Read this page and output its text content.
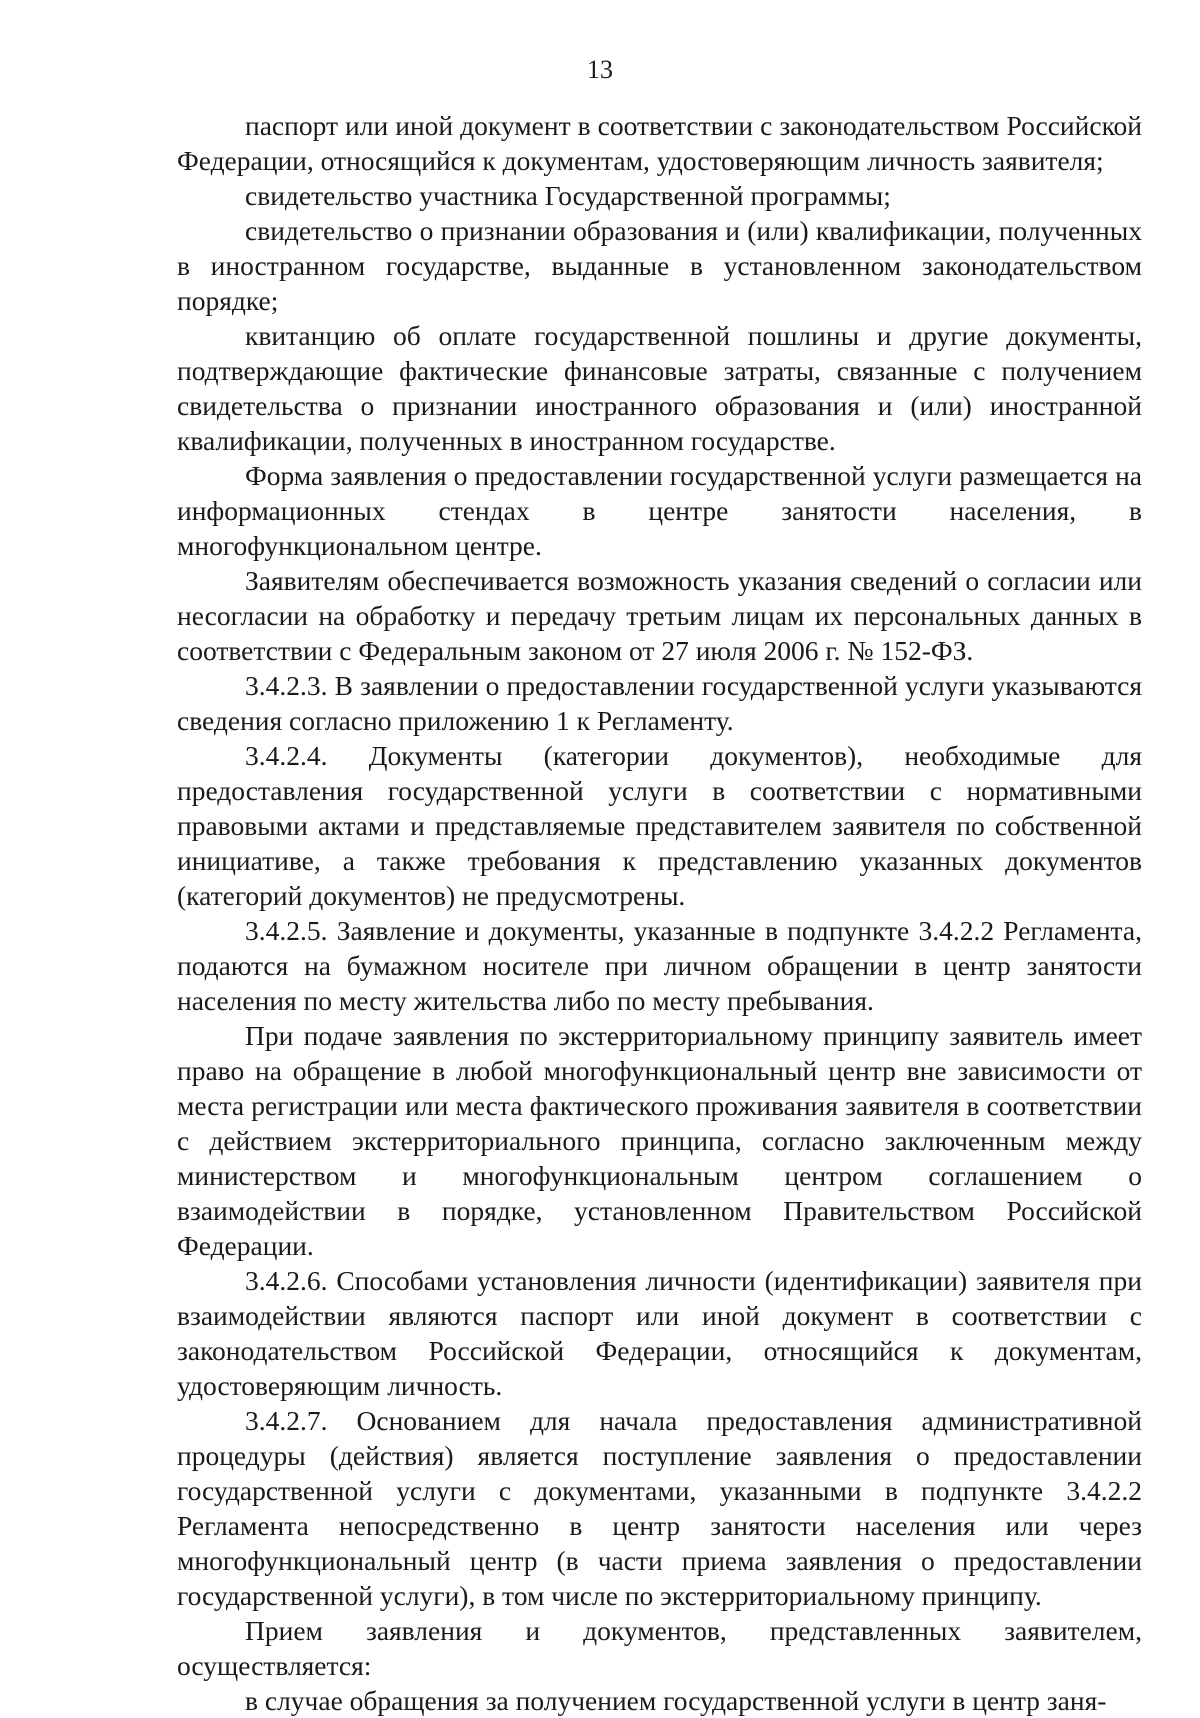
13

паспорт или иной документ в соответствии с законодательством Российской Федерации, относящийся к документам, удостоверяющим личность заявителя;

свидетельство участника Государственной программы;

свидетельство о признании образования и (или) квалификации, полученных в иностранном государстве, выданные в установленном законодательством порядке;

квитанцию об оплате государственной пошлины и другие документы, подтверждающие фактические финансовые затраты, связанные с получением свидетельства о признании иностранного образования и (или) иностранной квалификации, полученных в иностранном государстве.

Форма заявления о предоставлении государственной услуги размещается на информационных стендах в центре занятости населения, в многофункциональном центре.

Заявителям обеспечивается возможность указания сведений о согласии или несогласии на обработку и передачу третьим лицам их персональных данных в соответствии с Федеральным законом от 27 июля 2006 г. № 152-ФЗ.

3.4.2.3. В заявлении о предоставлении государственной услуги указываются сведения согласно приложению 1 к Регламенту.

3.4.2.4. Документы (категории документов), необходимые для предоставления государственной услуги в соответствии с нормативными правовыми актами и представляемые представителем заявителя по собственной инициативе, а также требования к представлению указанных документов (категорий документов) не предусмотрены.

3.4.2.5. Заявление и документы, указанные в подпункте 3.4.2.2 Регламента, подаются на бумажном носителе при личном обращении в центр занятости населения по месту жительства либо по месту пребывания.

При подаче заявления по экстерриториальному принципу заявитель имеет право на обращение в любой многофункциональный центр вне зависимости от места регистрации или места фактического проживания заявителя в соответствии с действием экстерриториального принципа, согласно заключенным между министерством и многофункциональным центром соглашением о взаимодействии в порядке, установленном Правительством Российской Федерации.

3.4.2.6. Способами установления личности (идентификации) заявителя при взаимодействии являются паспорт или иной документ в соответствии с законодательством Российской Федерации, относящийся к документам, удостоверяющим личность.

3.4.2.7. Основанием для начала предоставления административной процедуры (действия) является поступление заявления о предоставлении государственной услуги с документами, указанными в подпункте 3.4.2.2 Регламента непосредственно в центр занятости населения или через многофункциональный центр (в части приема заявления о предоставлении государственной услуги), в том числе по экстерриториальному принципу.

Прием заявления и документов, представленных заявителем, осуществляется:

в случае обращения за получением государственной услуги в центр заня-
